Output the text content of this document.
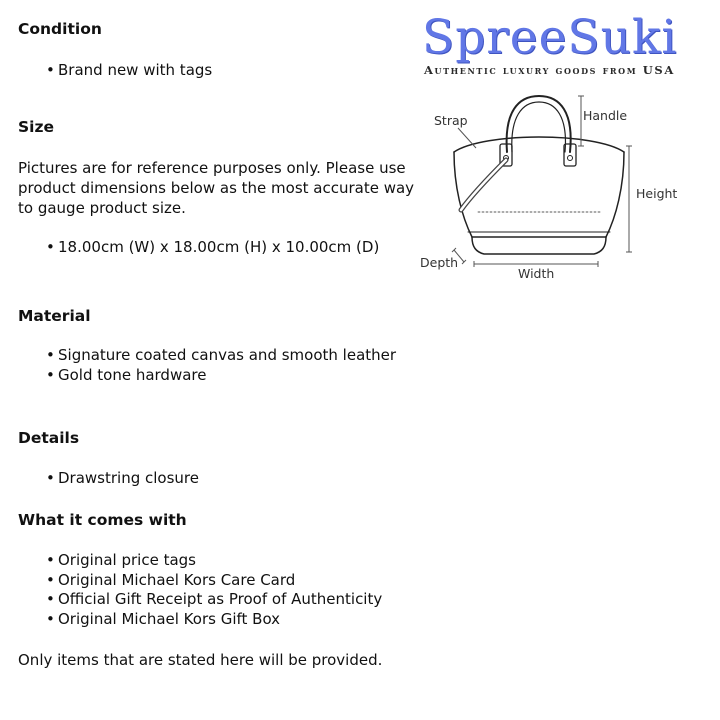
Condition
• Brand new with tags
Size
Pictures are for reference purposes only. Please use product dimensions below as the most accurate way to gauge product size.
• 18.00cm (W) x 18.00cm (H) x 10.00cm (D)
Material
• Signature coated canvas and smooth leather
• Gold tone hardware
Details
• Drawstring closure
What it comes with
• Original price tags
• Original Michael Kors Care Card
• Official Gift Receipt as Proof of Authenticity
• Original Michael Kors Gift Box
Only items that are stated here will be provided.
SpreeSuki
Authentic luxury goods from USA
Strap	Handle
Height
Depth
Width
